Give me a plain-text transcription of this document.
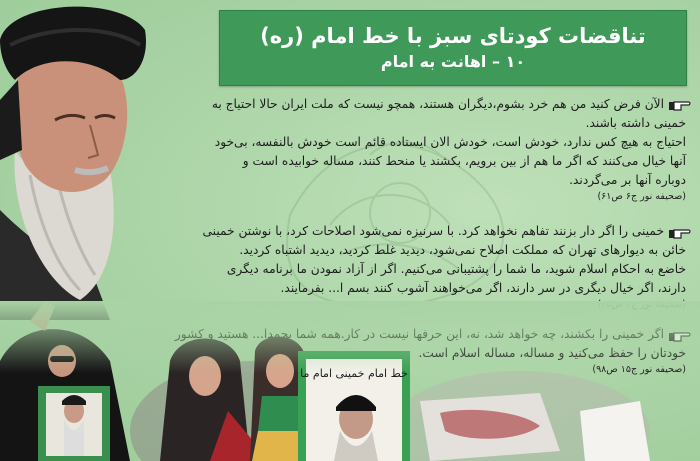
تناقضات کودتای سبز با خط امام (ره)
۱۰ – اهانت به امام
الآن فرض کنید من هم خرد بشوم،دیگران هستند، همچو نیست که ملت ایران حالا احتیاج به
خمینی داشته باشند.
احتیاج به هیچ کس ندارد، خودش است، خودش الان ایستاده قائم است خودش بالنفسه، بی‌خود
آنها خیال می‌کنند که اگر ما هم از بین برویم، بکشند یا منحط کنند، مساله خوابیده است و
دوباره آنها بر می‌گردند.
(صحیفه نور ج۶ ص۶۱)
خمینی را اگر دار بزنند تفاهم نخواهد کرد. با سرنیزه نمی‌شود اصلاحات کرد، با نوشتن خمینی
خائن به دیوارهای تهران که مملکت اصلاح نمی‌شود، دیدید غلط کردید، دیدید اشتباه کردید.
خاضع به احکام اسلام شوید، ما شما را پشتیبانی می‌کنیم. اگر از آزاد نمودن ما برنامه دیگری
دارند، اگر خیال دیگری در سر دارند، اگر می‌خواهند آشوب کنند بسم ا... بفرمایند.
